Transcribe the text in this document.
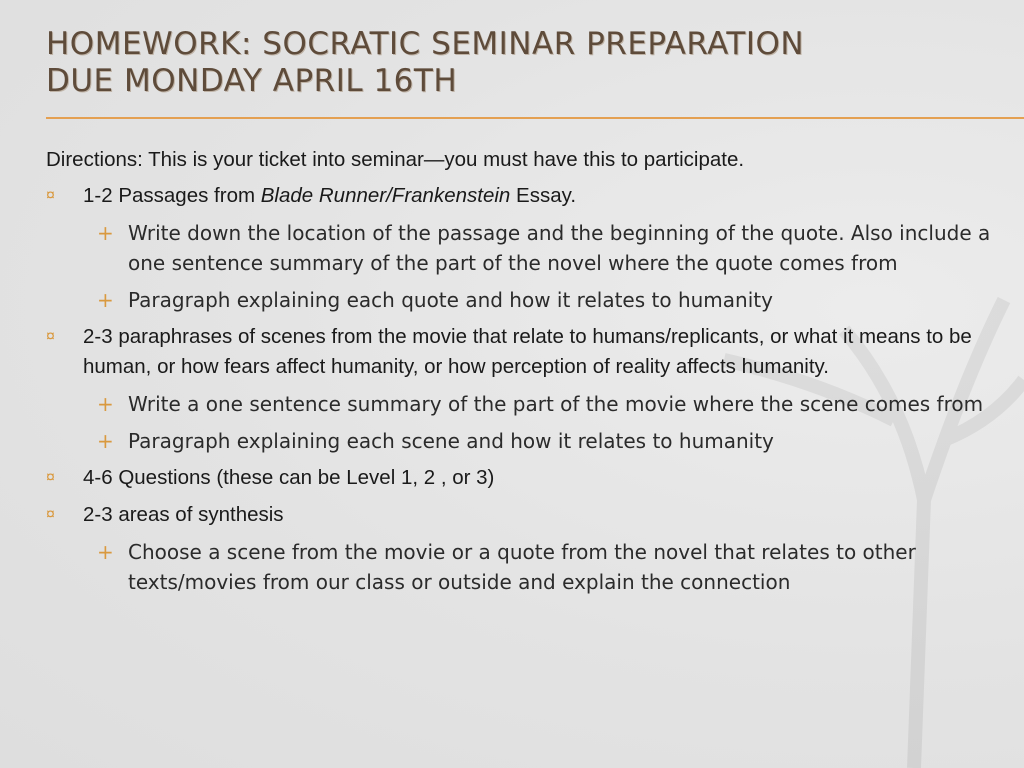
HOMEWORK: SOCRATIC SEMINAR PREPARATION
DUE MONDAY APRIL 16TH

Directions: This is your ticket into seminar—you must have this to participate.

¤ 1-2 Passages from Blade Runner/Frankenstein Essay.
+ Write down the location of the passage and the beginning of the quote. Also include a one sentence summary of the part of the novel where the quote comes from
+ Paragraph explaining each quote and how it relates to humanity
¤ 2-3 paraphrases of scenes from the movie that relate to humans/replicants, or what it means to be human, or how fears affect humanity, or how perception of reality affects humanity.
+ Write a one sentence summary of the part of the movie where the scene comes from
+ Paragraph explaining each scene and how it relates to humanity
¤ 4-6 Questions (these can be Level 1, 2 , or 3)
¤ 2-3 areas of synthesis
+ Choose a scene from the movie or a quote from the novel that relates to other texts/movies from our class or outside and explain the connection
